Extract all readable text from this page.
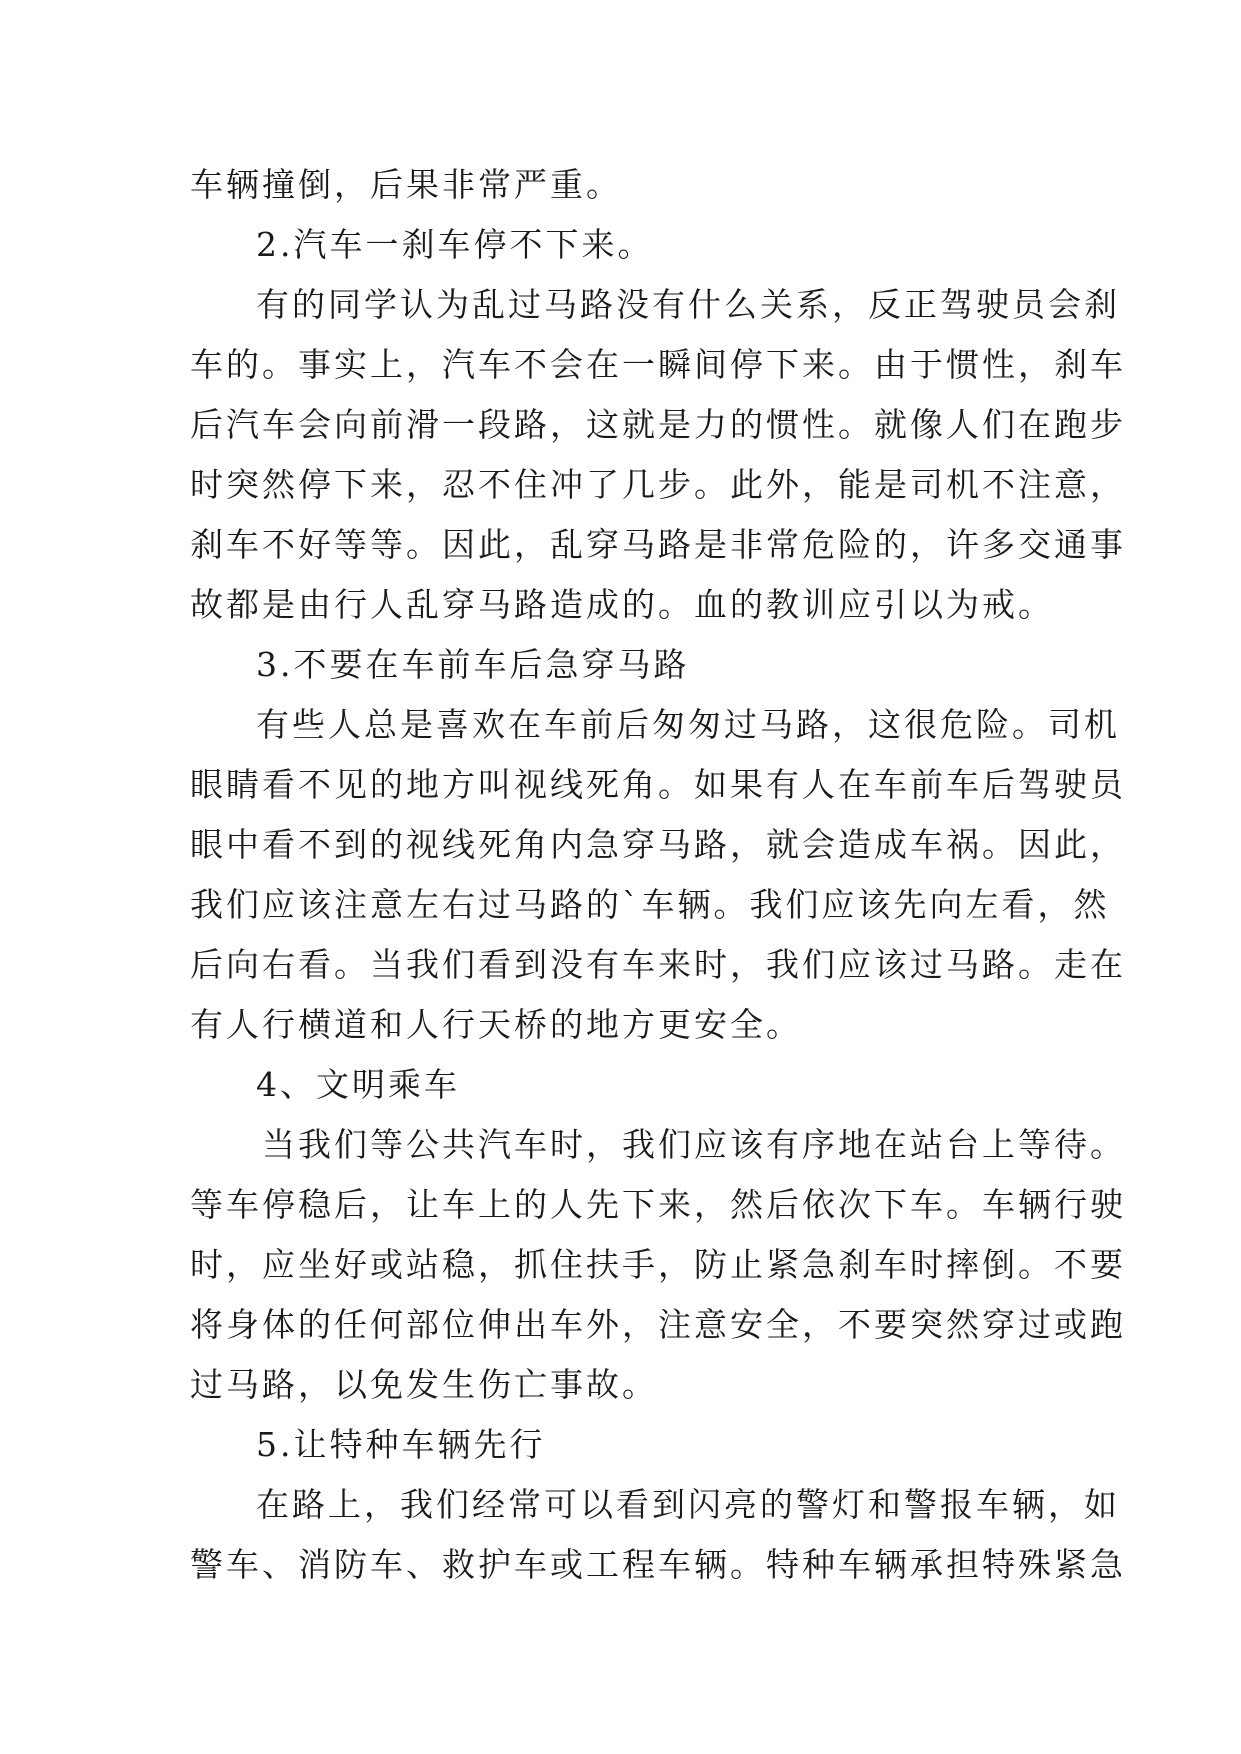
车辆撞倒，后果非常严重。
2.汽车一刹车停不下来。
有的同学认为乱过马路没有什么关系，反正驾驶员会刹
车的。事实上，汽车不会在一瞬间停下来。由于惯性，刹车
后汽车会向前滑一段路，这就是力的惯性。就像人们在跑步
时突然停下来，忍不住冲了几步。此外，能是司机不注意，
刹车不好等等。因此，乱穿马路是非常危险的，许多交通事
故都是由行人乱穿马路造成的。血的教训应引以为戒。
3.不要在车前车后急穿马路
有些人总是喜欢在车前后匆匆过马路，这很危险。司机
眼睛看不见的地方叫视线死角。如果有人在车前车后驾驶员
眼中看不到的视线死角内急穿马路，就会造成车祸。因此，
我们应该注意左右过马路的`车辆。我们应该先向左看，然
后向右看。当我们看到没有车来时，我们应该过马路。走在
有人行横道和人行天桥的地方更安全。
4、文明乘车
当我们等公共汽车时，我们应该有序地在站台上等待。
等车停稳后，让车上的人先下来，然后依次下车。车辆行驶
时，应坐好或站稳，抓住扶手，防止紧急刹车时摔倒。不要
将身体的任何部位伸出车外，注意安全，不要突然穿过或跑
过马路，以免发生伤亡事故。
5.让特种车辆先行
在路上，我们经常可以看到闪亮的警灯和警报车辆，如
警车、消防车、救护车或工程车辆。特种车辆承担特殊紧急
